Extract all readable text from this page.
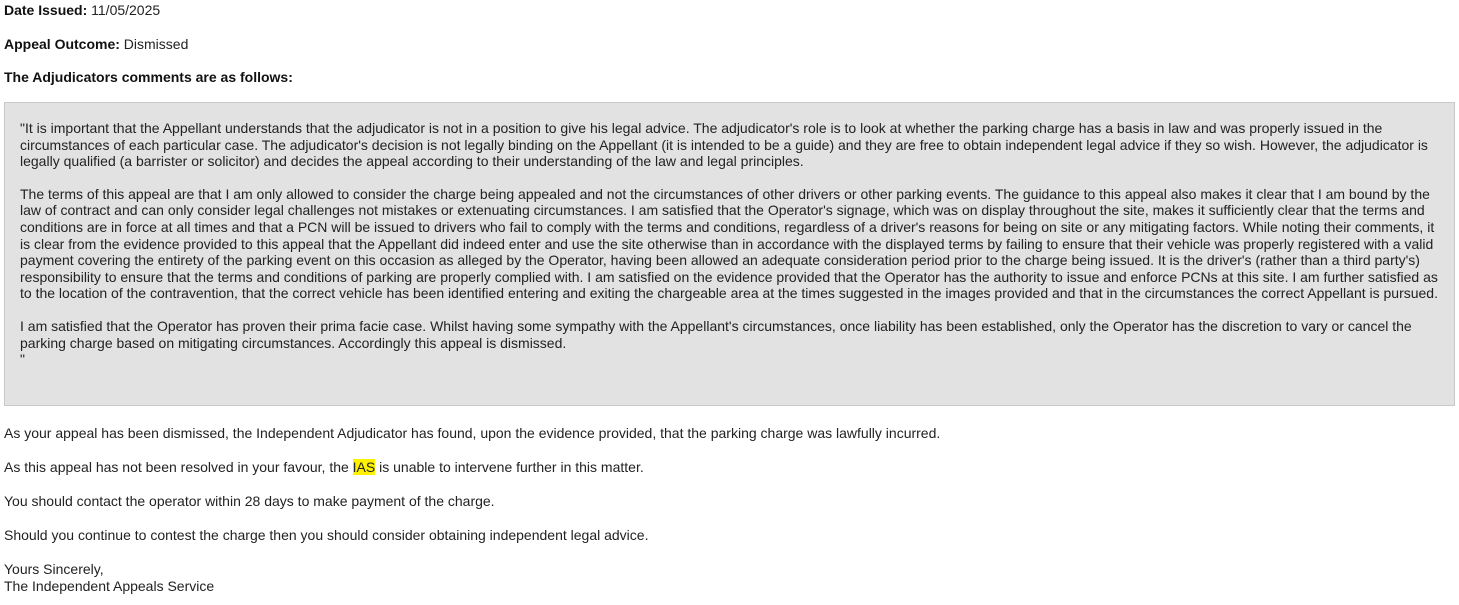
Date Issued: 11/05/2025
Appeal Outcome: Dismissed
The Adjudicators comments are as follows:

"It is important that the Appellant understands that the adjudicator is not in a position to give his legal advice. The adjudicator's role is to look at whether the parking charge has a basis in law and was properly issued in the circumstances of each particular case. The adjudicator's decision is not legally binding on the Appellant (it is intended to be a guide) and they are free to obtain independent legal advice if they so wish. However, the adjudicator is legally qualified (a barrister or solicitor) and decides the appeal according to their understanding of the law and legal principles.

The terms of this appeal are that I am only allowed to consider the charge being appealed and not the circumstances of other drivers or other parking events. The guidance to this appeal also makes it clear that I am bound by the law of contract and can only consider legal challenges not mistakes or extenuating circumstances. I am satisfied that the Operator's signage, which was on display throughout the site, makes it sufficiently clear that the terms and conditions are in force at all times and that a PCN will be issued to drivers who fail to comply with the terms and conditions, regardless of a driver's reasons for being on site or any mitigating factors. While noting their comments, it is clear from the evidence provided to this appeal that the Appellant did indeed enter and use the site otherwise than in accordance with the displayed terms by failing to ensure that their vehicle was properly registered with a valid payment covering the entirety of the parking event on this occasion as alleged by the Operator, having been allowed an adequate consideration period prior to the charge being issued. It is the driver's (rather than a third party's) responsibility to ensure that the terms and conditions of parking are properly complied with. I am satisfied on the evidence provided that the Operator has the authority to issue and enforce PCNs at this site. I am further satisfied as to the location of the contravention, that the correct vehicle has been identified entering and exiting the chargeable area at the times suggested in the images provided and that in the circumstances the correct Appellant is pursued.

I am satisfied that the Operator has proven their prima facie case. Whilst having some sympathy with the Appellant's circumstances, once liability has been established, only the Operator has the discretion to vary or cancel the parking charge based on mitigating circumstances. Accordingly this appeal is dismissed.

"
As your appeal has been dismissed, the Independent Adjudicator has found, upon the evidence provided, that the parking charge was lawfully incurred.
As this appeal has not been resolved in your favour, the IAS is unable to intervene further in this matter.
You should contact the operator within 28 days to make payment of the charge.
Should you continue to contest the charge then you should consider obtaining independent legal advice.
Yours Sincerely,
The Independent Appeals Service
